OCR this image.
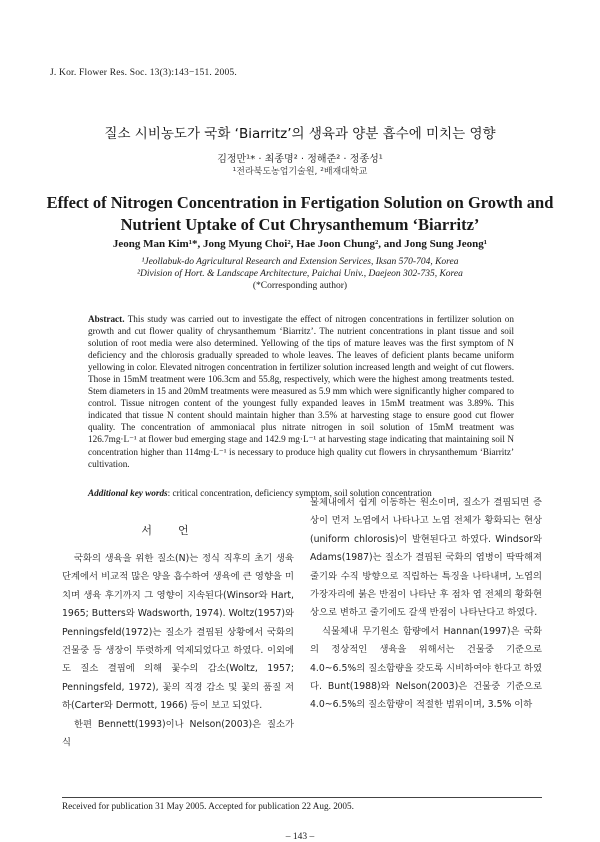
J. Kor. Flower Res. Soc. 13(3):143−151. 2005.
질소 시비농도가 국화 ‘Biarritz’의 생육과 양분 흡수에 미치는 영향
김정만¹* · 최종명² · 정해준² · 정종성¹
¹전라북도농업기술원, ²배재대학교
Effect of Nitrogen Concentration in Fertigation Solution on Growth and Nutrient Uptake of Cut Chrysanthemum ‘Biarritz’
Jeong Man Kim¹*, Jong Myung Choi², Hae Joon Chung², and Jong Sung Jeong¹
¹Jeollabuk-do Agricultural Research and Extension Services, Iksan 570-704, Korea
²Division of Hort. & Landscape Architecture, Paichai Univ., Daejeon 302-735, Korea
(*Corresponding author)
Abstract. This study was carried out to investigate the effect of nitrogen concentrations in fertilizer solution on growth and cut flower quality of chrysanthemum ‘Biarritz’. The nutrient concentrations in plant tissue and soil solution of root media were also determined. Yellowing of the tips of mature leaves was the first symptom of N deficiency and the chlorosis gradually spreaded to whole leaves. The leaves of deficient plants became uniform yellowing in color. Elevated nitrogen concentration in fertilizer solution increased length and weight of cut flowers. Those in 15mM treatment were 106.3cm and 55.8g, respectively, which were the highest among treatments tested. Stem diameters in 15 and 20mM treatments were measured as 5.9 mm which were significantly higher compared to control. Tissue nitrogen content of the youngest fully expanded leaves in 15mM treatment was 3.89%. This indicated that tissue N content should maintain higher than 3.5% at harvesting stage to ensure good cut flower quality. The concentration of ammoniacal plus nitrate nitrogen in soil solution of 15mM treatment was 126.7mg·L⁻¹ at flower bud emerging stage and 142.9 mg·L⁻¹ at harvesting stage indicating that maintaining soil N concentration higher than 114mg·L⁻¹ is necessary to produce high quality cut flowers in chrysanthemum ‘Biarritz’ cultivation.
Additional key words: critical concentration, deficiency symptom, soil solution concentration
서언

국화의 생육을 위한 질소(N)는 정식 직후의 초기 생육단계에서 비교적 많은 양을 흡수하여 생육에 큰 영향을 미치며 생육 후기까지 그 영향이 지속된다(Winsor와 Hart, 1965; Butters와 Wadsworth, 1974). Woltz(1957)와 Penningsfeld(1972)는 질소가 결핍된 상황에서 국화의 건물중 등 생장이 뚜렷하게 억제되었다고 하였다. 이외에도 질소 결핍에 의해 꽃수의 감소(Woltz, 1957; Penningsfeld, 1972), 꽃의 직경 감소 및 꽃의 품질 저하(Carter와 Dermott, 1966) 등이 보고 되었다.

한편 Bennett(1993)이나 Nelson(2003)은 질소가 식

물체내에서 쉽게 이동하는 원소이며, 질소가 결핍되면 증상이 먼저 노엽에서 나타나고 노엽 전체가 황화되는 현상(uniform chlorosis)이 발현된다고 하였다. Windsor와 Adams(1987)는 질소가 결핍된 국화의 엽병이 딱딱해져 줄기와 수직 방향으로 직립하는 특징을 나타내며, 노엽의 가장자리에 붉은 반점이 나타난 후 점차 엽 전체의 황화현상으로 변하고 줄기에도 갈색 반점이 나타난다고 하였다.

식물체내 무기원소 함량에서 Hannan(1997)은 국화의 정상적인 생육을 위해서는 건물중 기준으로 4.0~6.5%의 질소함량을 갖도록 시비하여야 한다고 하였다. Bunt(1988)와 Nelson(2003)은 건물중 기준으로 4.0~6.5%의 질소함량이 적절한 범위이며, 3.5% 이하

Received for publication 31 May 2005. Accepted for publication 22 Aug. 2005.
– 143 –
